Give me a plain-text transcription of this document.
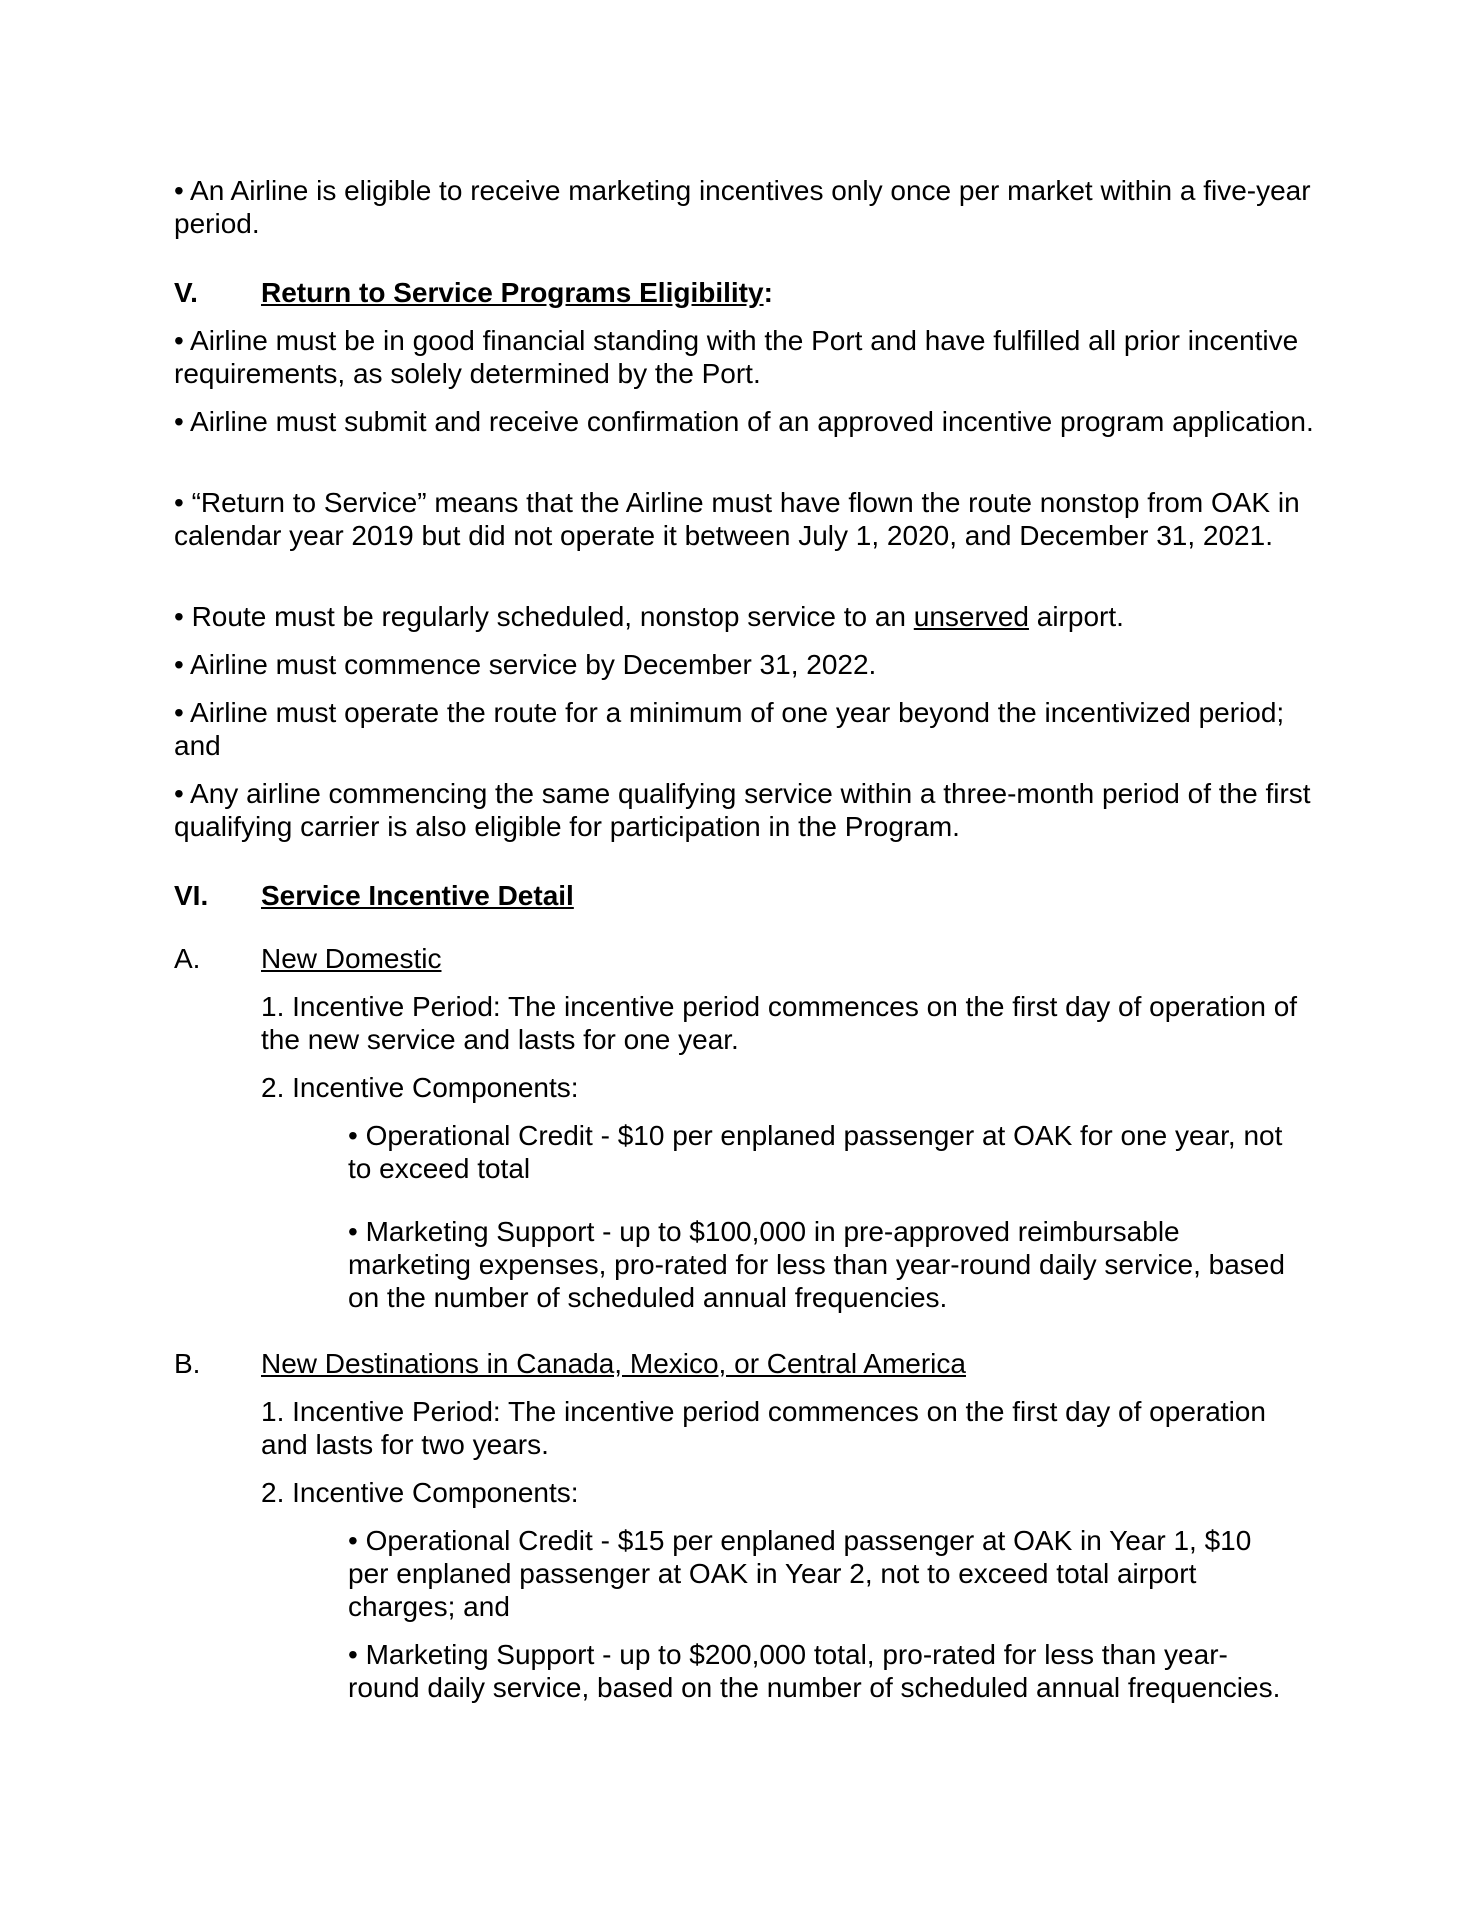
• An Airline is eligible to receive marketing incentives only once per market within a five-year period.

V. Return to Service Programs Eligibility :

• Airline must be in good financial standing with the Port and have fulfilled all prior incentive requirements, as solely determined by the Port.

• Airline must submit and receive confirmation of an approved incentive program application.

• “Return to Service” means that the Airline must have flown the route nonstop from OAK in calendar year 2019 but did not operate it between July 1, 2020, and December 31, 2021.

• Route must be regularly scheduled, nonstop service to an unserved airport.

• Airline must commence service by December 31, 2022.

• Airline must operate the route for a minimum of one year beyond the incentivized period; and

• Any airline commencing the same qualifying service within a three-month period of the first qualifying carrier is also eligible for participation in the Program.

VI. Service Incentive Detail
A. New Domestic

1. Incentive Period: The incentive period commences on the first day of operation of the new service and lasts for one year.

2. Incentive Components:

• Operational Credit - $10 per enplaned passenger at OAK for one year, not to exceed total

• Marketing Support - up to $100,000 in pre-approved reimbursable marketing expenses, pro-rated for less than year-round daily service, based on the number of scheduled annual frequencies.

B. New Destinations in Canada, Mexico, or Central America

1. Incentive Period: The incentive period commences on the first day of operation and lasts for two years.

2. Incentive Components:

• Operational Credit - $15 per enplaned passenger at OAK in Year 1, $10 per enplaned passenger at OAK in Year 2, not to exceed total airport charges; and

• Marketing Support - up to $200,000 total, pro-rated for less than year-round daily service, based on the number of scheduled annual frequencies.
